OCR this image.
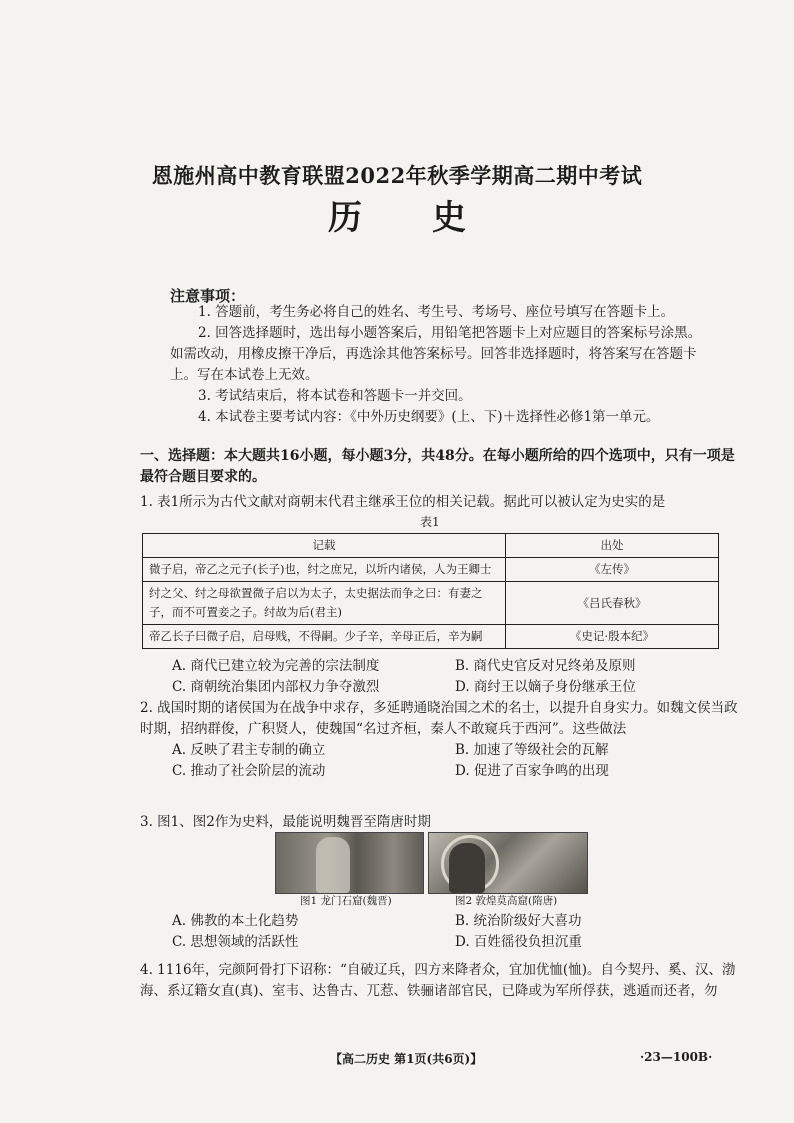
恩施州高中教育联盟2022年秋季学期高二期中考试
历史
注意事项：

1. 答题前，考生务必将自己的姓名、考生号、考场号、座位号填写在答题卡上。

2. 回答选择题时，选出每小题答案后，用铅笔把答题卡上对应题目的答案标号涂黑。如需改动，用橡皮擦干净后，再选涂其他答案标号。回答非选择题时，将答案写在答题卡上。写在本试卷上无效。

3. 考试结束后，将本试卷和答题卡一并交回。

4. 本试卷主要考试内容：《中外历史纲要》(上、下)＋选择性必修1第一单元。

一、选择题：本大题共16小题，每小题3分，共48分。在每小题所给的四个选项中，只有一项是最符合题目要求的。
1. 表1所示为古代文献对商朝末代君主继承王位的相关记载。据此可以被认定为史实的是
表1
记载	出处
微子启，帝乙之元子(长子)也，纣之庶兄，以圻内诸侯，人为王卿士	《左传》
纣之父、纣之母欲置微子启以为太子，太史据法而争之曰：有妻之子，而不可置妾之子。纣故为后(君主)	《吕氏春秋》
帝乙长子曰微子启，启母贱，不得嗣。少子辛，辛母正后，辛为嗣	《史记·殷本纪》
A. 商代已建立较为完善的宗法制度	B. 商代史官反对兄终弟及原则
C. 商朝统治集团内部权力争夺激烈	D. 商纣王以嫡子身份继承王位
2. 战国时期的诸侯国为在战争中求存，多延聘通晓治国之术的名士，以提升自身实力。如魏文侯当政时期，招纳群俊，广积贤人，使魏国“名过齐桓，秦人不敢窥兵于西河”。这些做法
A. 反映了君主专制的确立	B. 加速了等级社会的瓦解
C. 推动了社会阶层的流动	D. 促进了百家争鸣的出现
3. 图1、图2作为史料，最能说明魏晋至隋唐时期
图1 龙门石窟(魏晋)	图2 敦煌莫高窟(隋唐)
A. 佛教的本土化趋势	B. 统治阶级好大喜功
C. 思想领域的活跃性	D. 百姓徭役负担沉重
4. 1116年，完颜阿骨打下诏称：“自破辽兵，四方来降者众，宜加优恤(恤)。自今契丹、奚、汉、渤海、系辽籍女直(真)、室韦、达鲁古、兀惹、铁骊诸部官民，已降或为军所俘获，逃遁而还者，勿
【高二历史 第1页(共6页)】	·23—100B·
